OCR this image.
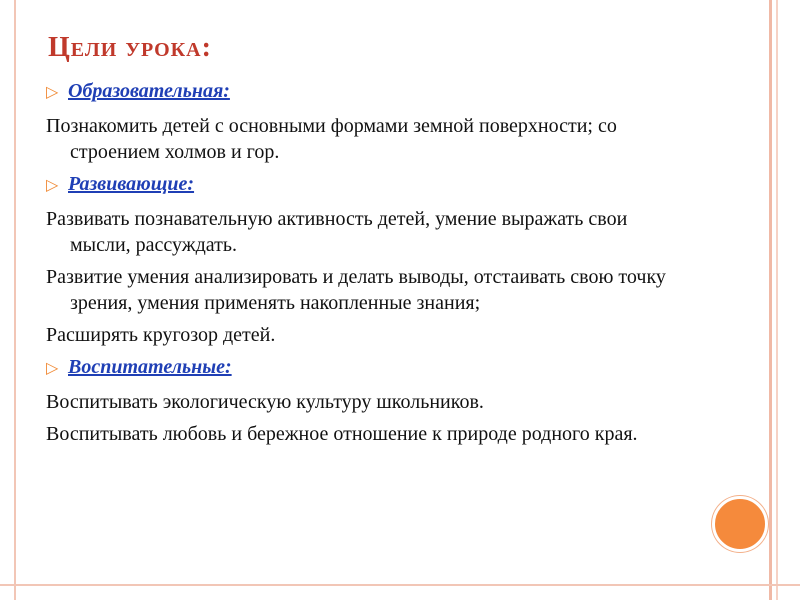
Цели урока:
▷ Образовательная:

Познакомить детей с основными формами земной поверхности; со строением холмов и гор.

▷ Развивающие:

Развивать познавательную активность детей, умение выражать свои мысли, рассуждать.

Развитие умения анализировать и делать выводы, отстаивать свою точку зрения, умения применять накопленные знания;

Расширять кругозор детей.

▷ Воспитательные:

Воспитывать экологическую культуру школьников.

Воспитывать любовь и бережное отношение к природе родного края.
